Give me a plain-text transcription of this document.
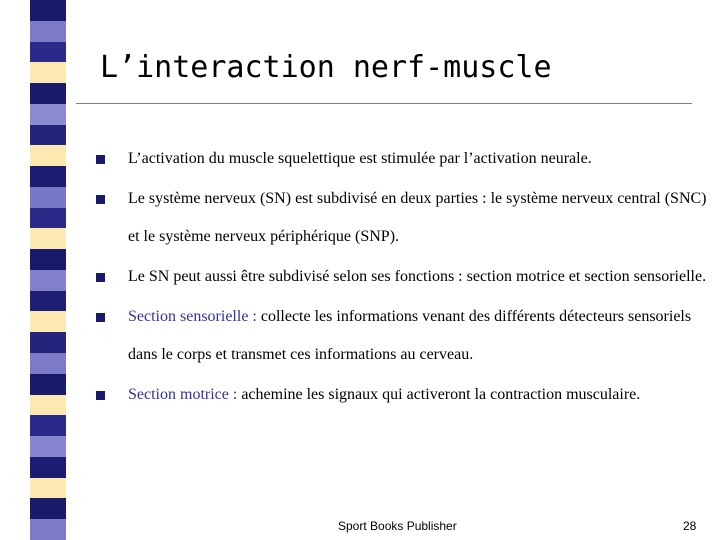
L’interaction nerf-muscle
L’activation du muscle squelettique est stimulée par l’activation neurale.
Le système nerveux (SN) est subdivisé en deux parties : le système nerveux central (SNC) et le système nerveux périphérique (SNP).
Le SN peut aussi être subdivisé selon ses fonctions : section motrice et section sensorielle.
Section sensorielle : collecte les informations venant des différents détecteurs sensoriels dans le corps et transmet ces informations au cerveau.
Section motrice : achemine les signaux qui activeront la contraction musculaire.
Sport Books Publisher	28
